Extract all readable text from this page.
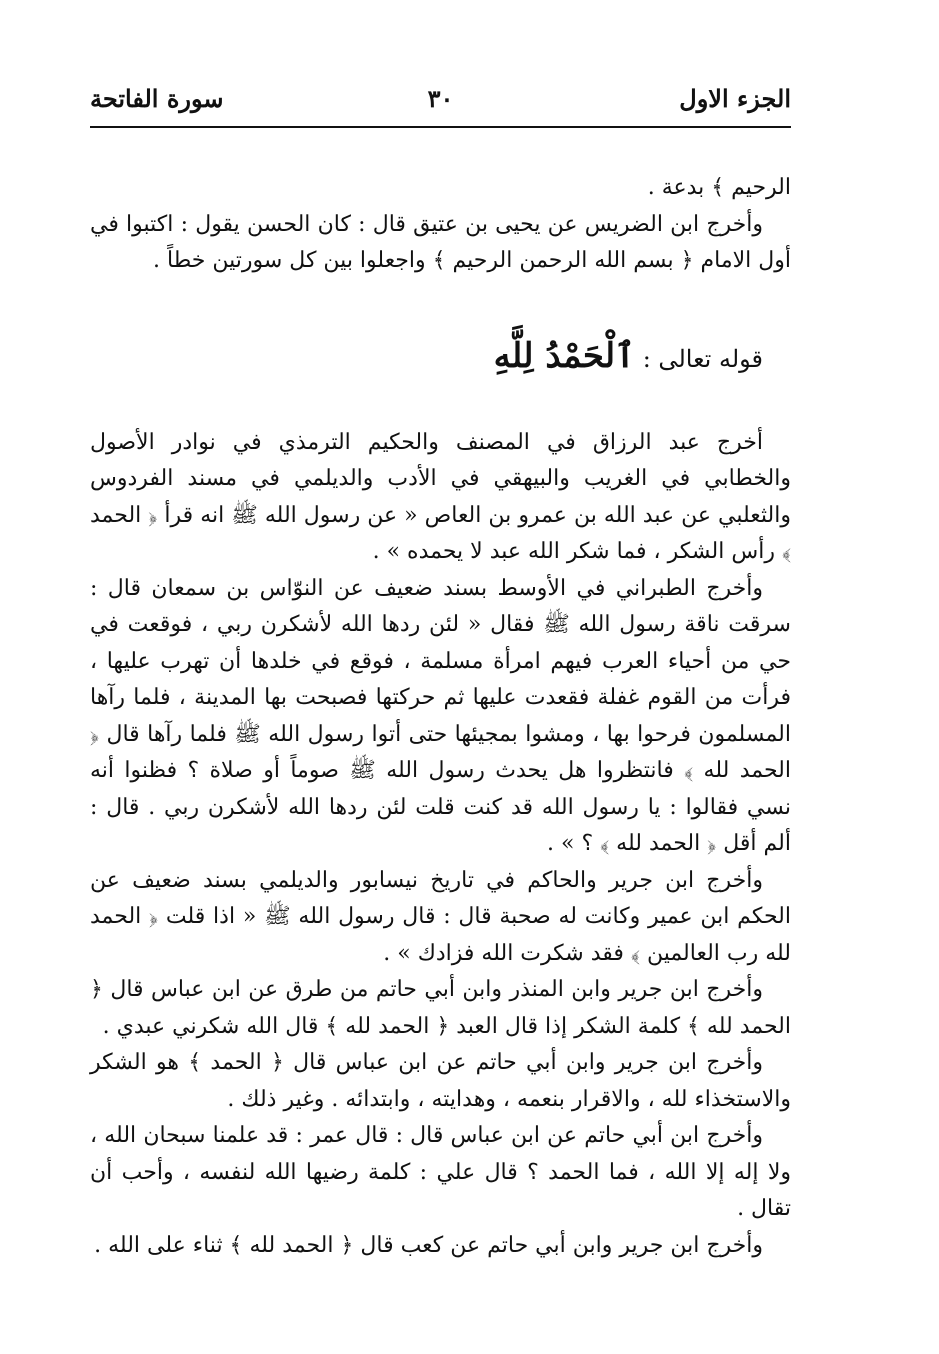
الجزء الاول
٣٠
سورة الفاتحة

الرحيم ﴾ بدعة .

وأخرج ابن الضريس عن يحيى بن عتيق قال : كان الحسن يقول : اكتبوا في أول الامام ﴿ بسم الله الرحمن الرحيم ﴾ واجعلوا بين كل سورتين خطاً .

قوله تعالى : ٱلْحَمْدُ لِلَّهِ

أخرج عبد الرزاق في المصنف والحكيم الترمذي في نوادر الأصول والخطابي في الغريب والبيهقي في الأدب والديلمي في مسند الفردوس والثعلبي عن عبد الله بن عمرو بن العاص « عن رسول الله ﷺ انه قرأ ﴿ الحمد ﴾ رأس الشكر ، فما شكر الله عبد لا يحمده » .

وأخرج الطبراني في الأوسط بسند ضعيف عن النوّاس بن سمعان قال : سرقت ناقة رسول الله ﷺ فقال « لئن ردها الله لأشكرن ربي ، فوقعت في حي من أحياء العرب فيهم امرأة مسلمة ، فوقع في خلدها أن تهرب عليها ، فرأت من القوم غفلة فقعدت عليها ثم حركتها فصبحت بها المدينة ، فلما رآها المسلمون فرحوا بها ، ومشوا بمجيئها حتى أتوا رسول الله ﷺ فلما رآها قال ﴿ الحمد لله ﴾ فانتظروا هل يحدث رسول الله ﷺ صوماً أو صلاة ؟ فظنوا أنه نسي فقالوا : يا رسول الله قد كنت قلت لئن ردها الله لأشكرن ربي . قال : ألم أقل ﴿ الحمد لله ﴾ ؟ » .

وأخرج ابن جرير والحاكم في تاريخ نيسابور والديلمي بسند ضعيف عن الحكم ابن عمير وكانت له صحبة قال : قال رسول الله ﷺ « اذا قلت ﴿ الحمد لله رب العالمين ﴾ فقد شكرت الله فزادك » .

وأخرج ابن جرير وابن المنذر وابن أبي حاتم من طرق عن ابن عباس قال ﴿ الحمد لله ﴾ كلمة الشكر إذا قال العبد ﴿ الحمد لله ﴾ قال الله شكرني عبدي .

وأخرج ابن جرير وابن أبي حاتم عن ابن عباس قال ﴿ الحمد ﴾ هو الشكر والاستخذاء لله ، والاقرار بنعمه ، وهدايته ، وابتدائه . وغير ذلك .

وأخرج ابن أبي حاتم عن ابن عباس قال : قال عمر : قد علمنا سبحان الله ، ولا إله إلا الله ، فما الحمد ؟ قال علي : كلمة رضيها الله لنفسه ، وأحب أن تقال .

وأخرج ابن جرير وابن أبي حاتم عن كعب قال ﴿ الحمد لله ﴾ ثناء على الله .
